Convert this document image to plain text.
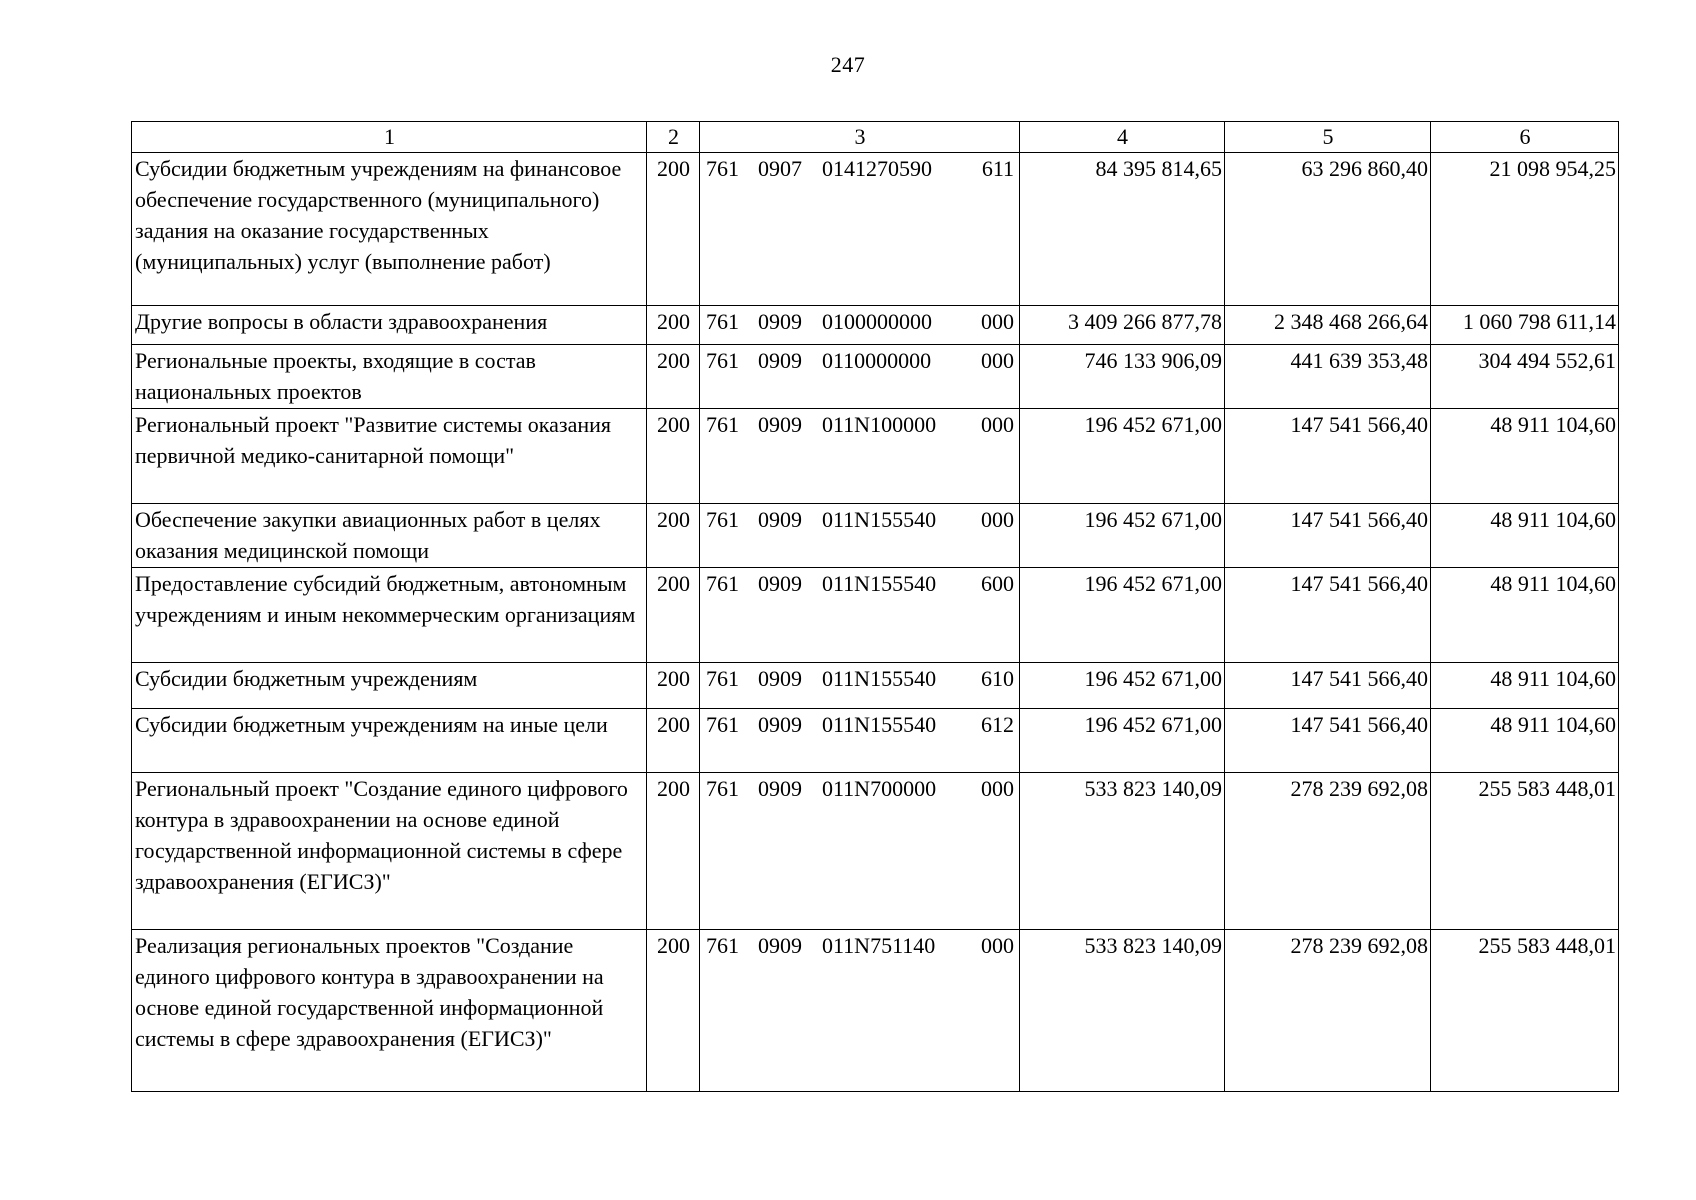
247
1	2	3	4	5	6
Субсидии бюджетным учреждениям на финансовое обеспечение государственного (муниципального) задания на оказание государственных (муниципальных) услуг (выполнение работ)	200	761 0907 0141270590 611	84 395 814,65	63 296 860,40	21 098 954,25
Другие вопросы в области здравоохранения	200	761 0909 0100000000 000	3 409 266 877,78	2 348 468 266,64	1 060 798 611,14
Региональные проекты, входящие в состав национальных проектов	200	761 0909 0110000000 000	746 133 906,09	441 639 353,48	304 494 552,61
Региональный проект "Развитие системы оказания первичной медико-санитарной помощи"	200	761 0909 011N100000 000	196 452 671,00	147 541 566,40	48 911 104,60
Обеспечение закупки авиационных работ в целях оказания медицинской помощи	200	761 0909 011N155540 000	196 452 671,00	147 541 566,40	48 911 104,60
Предоставление субсидий бюджетным, автономным учреждениям и иным некоммерческим организациям	200	761 0909 011N155540 600	196 452 671,00	147 541 566,40	48 911 104,60
Субсидии бюджетным учреждениям	200	761 0909 011N155540 610	196 452 671,00	147 541 566,40	48 911 104,60
Субсидии бюджетным учреждениям на иные цели	200	761 0909 011N155540 612	196 452 671,00	147 541 566,40	48 911 104,60
Региональный проект "Создание единого цифрового контура в здравоохранении на основе единой государственной информационной системы в сфере здравоохранения (ЕГИСЗ)"	200	761 0909 011N700000 000	533 823 140,09	278 239 692,08	255 583 448,01
Реализация региональных проектов "Создание единого цифрового контура в здравоохранении на основе единой государственной информационной системы в сфере здравоохранения (ЕГИСЗ)"	200	761 0909 011N751140 000	533 823 140,09	278 239 692,08	255 583 448,01
